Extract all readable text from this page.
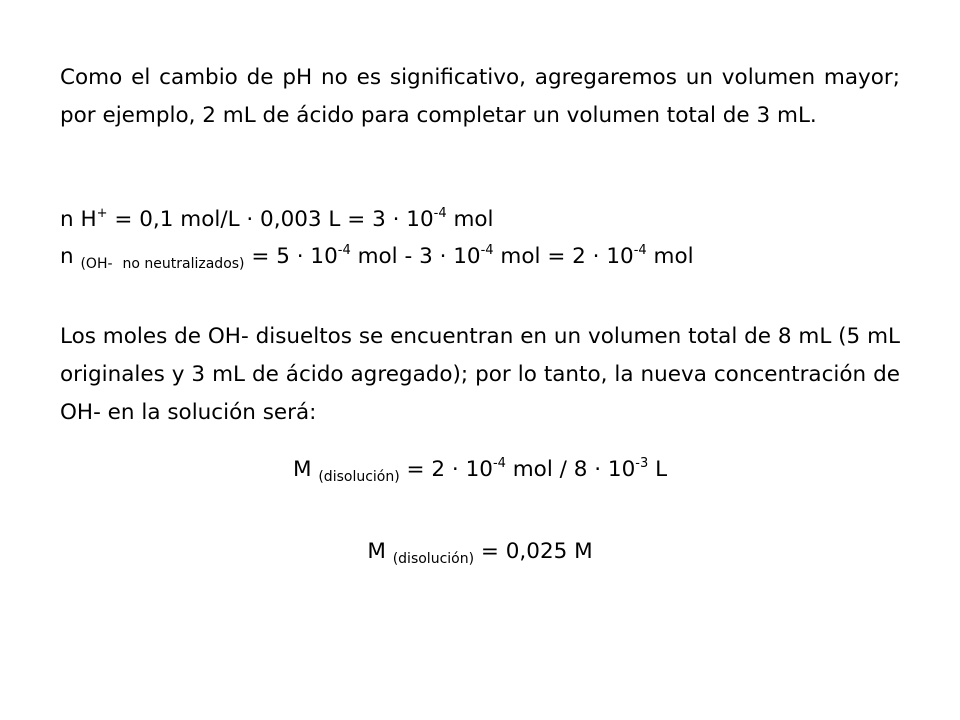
Como el cambio de pH no es significativo, agregaremos un volumen mayor; por ejemplo, 2 mL de ácido para completar un volumen total de 3 mL.

n H+ = 0,1 mol/L · 0,003 $L = 3 \cdot 10^{-4}$ mol
n $_{(OH-}$ $_{no neutralizados)} = 5 \cdot 10^{-4}$ mol - $3 \cdot 10^{-4}$ mol = $2 \cdot 10^{-4}$ mol

Los moles de OH- disueltos se encuentran en un volumen total de 8 mL (5 mL originales y 3 mL de ácido agregado); por lo tanto, la nueva concentración de OH- en la solución será:

M $_{(disolución)} = 2 \cdot 10^{-4}$ mol / $8 \cdot 10^{-3}$ L
M $_{(disolución)}$ = 0,025 M
